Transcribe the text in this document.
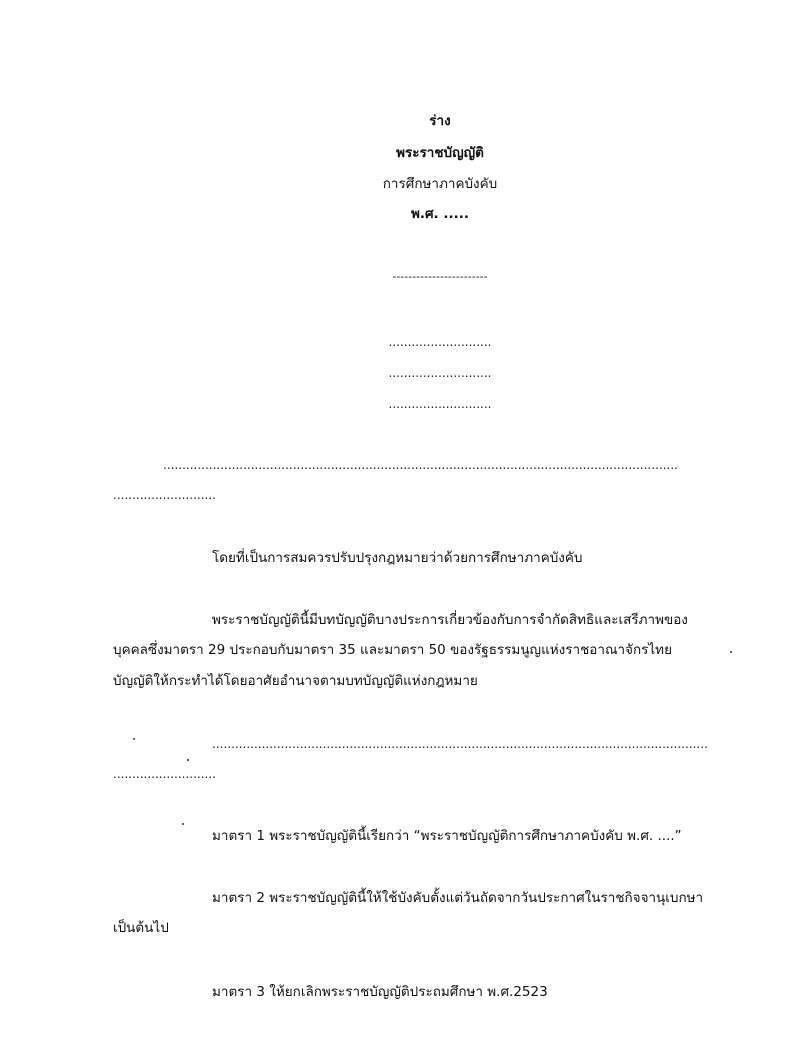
ร่าง
พระราชบัญญัติ
การศึกษาภาคบังคับ
พ.ศ. .....
------------------------
...........................
...........................
...........................
.......................................................................................................................................
...........................
โดยที่เป็นการสมควรปรับปรุงกฎหมายว่าด้วยการศึกษาภาคบังคับ
พระราชบัญญัตินี้มีบทบัญญัติบางประการเกี่ยวข้องกับการจำกัดสิทธิและเสรีภาพของ
บุคคลซึ่งมาตรา 29 ประกอบกับมาตรา 35 และมาตรา 50 ของรัฐธรรมนูญแห่งราชอาณาจักรไทย
บัญญัติให้กระทำได้โดยอาศัยอำนาจตามบทบัญญัติแห่งกฎหมาย
..................................................................................................................................
...........................
มาตรา 1 พระราชบัญญัตินี้เรียกว่า “พระราชบัญญัติการศึกษาภาคบังคับ พ.ศ. ....”
มาตรา 2 พระราชบัญญัตินี้ให้ใช้บังคับตั้งแต่วันถัดจากวันประกาศในราชกิจจานุเบกษา
เป็นต้นไป
มาตรา 3 ให้ยกเลิกพระราชบัญญัติประถมศึกษา พ.ศ.2523
